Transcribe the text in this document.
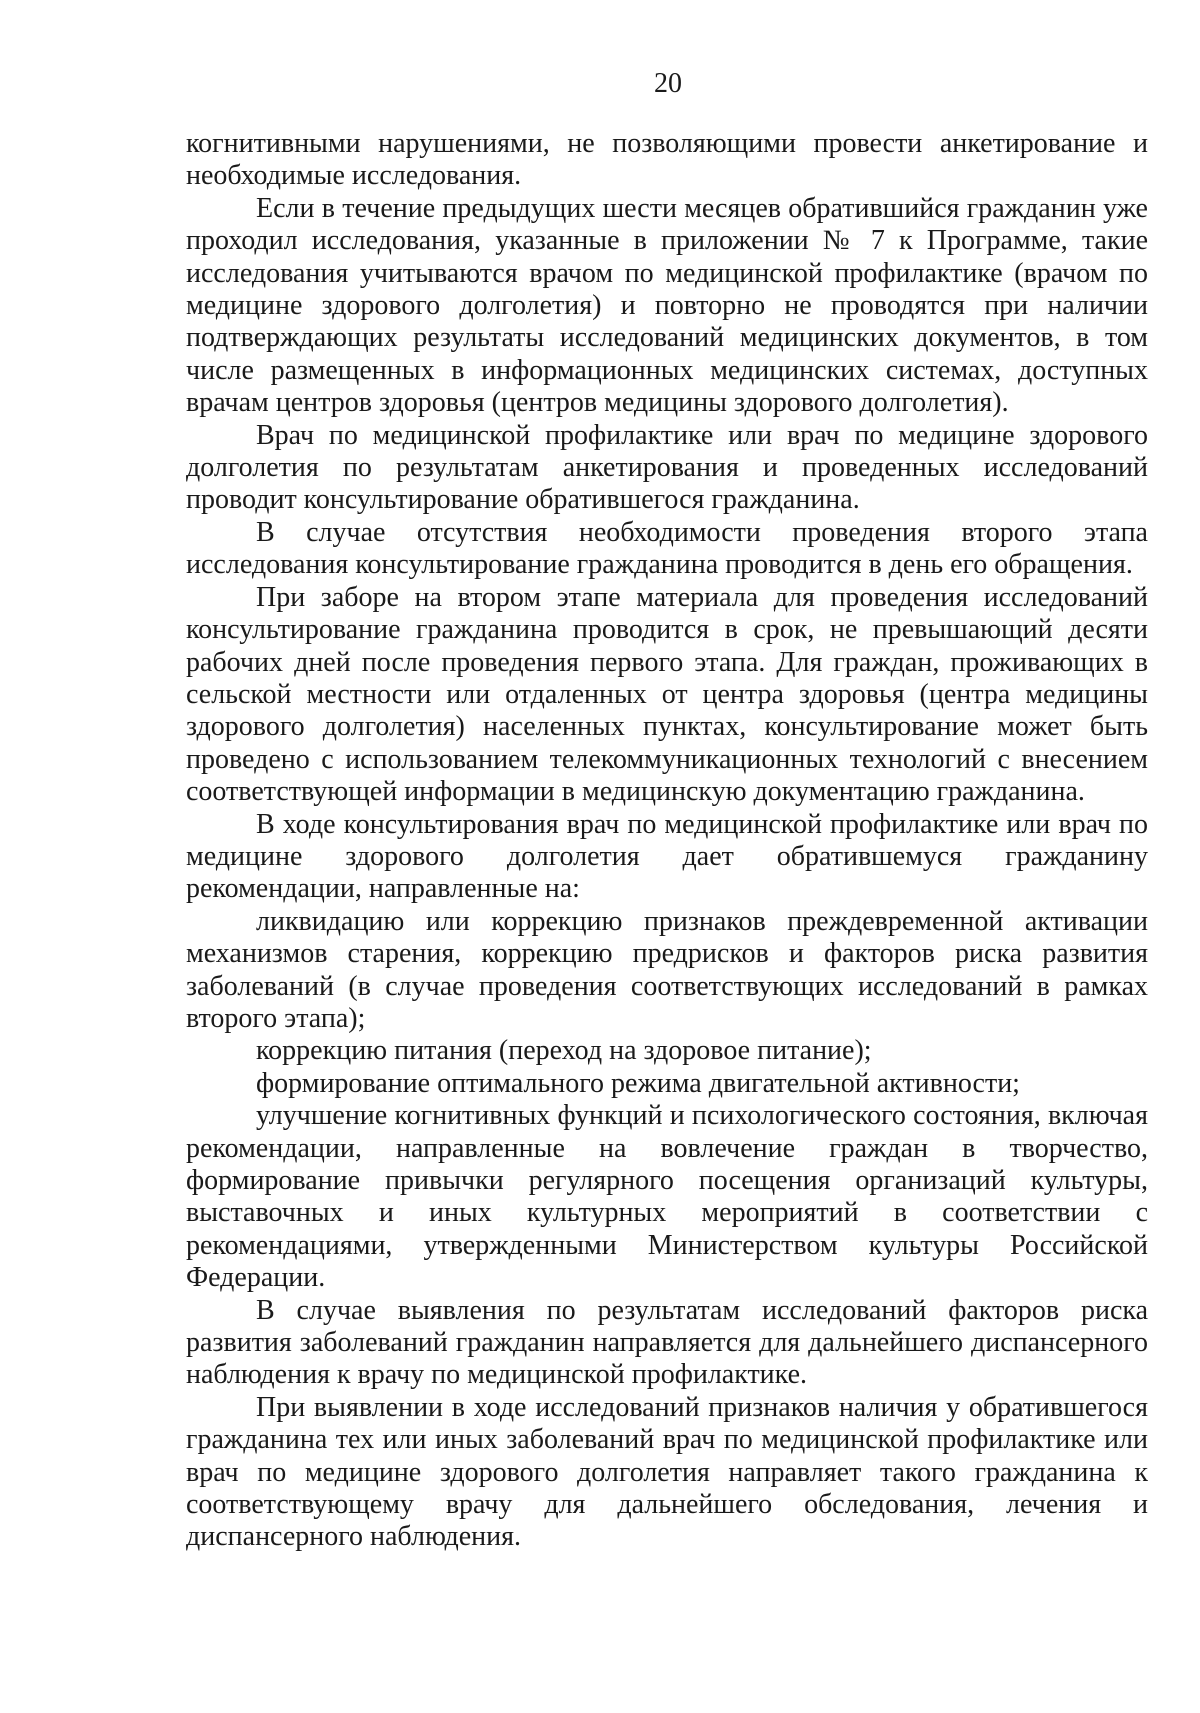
20

когнитивными нарушениями, не позволяющими провести анкетирование и необходимые исследования.

Если в течение предыдущих шести месяцев обратившийся гражданин уже проходил исследования, указанные в приложении № 7 к Программе, такие исследования учитываются врачом по медицинской профилактике (врачом по медицине здорового долголетия) и повторно не проводятся при наличии подтверждающих результаты исследований медицинских документов, в том числе размещенных в информационных медицинских системах, доступных врачам центров здоровья (центров медицины здорового долголетия).

Врач по медицинской профилактике или врач по медицине здорового долголетия по результатам анкетирования и проведенных исследований проводит консультирование обратившегося гражданина.

В случае отсутствия необходимости проведения второго этапа исследования консультирование гражданина проводится в день его обращения.

При заборе на втором этапе материала для проведения исследований консультирование гражданина проводится в срок, не превышающий десяти рабочих дней после проведения первого этапа. Для граждан, проживающих в сельской местности или отдаленных от центра здоровья (центра медицины здорового долголетия) населенных пунктах, консультирование может быть проведено с использованием телекоммуникационных технологий с внесением соответствующей информации в медицинскую документацию гражданина.

В ходе консультирования врач по медицинской профилактике или врач по медицине здорового долголетия дает обратившемуся гражданину рекомендации, направленные на:

ликвидацию или коррекцию признаков преждевременной активации механизмов старения, коррекцию предрисков и факторов риска развития заболеваний (в случае проведения соответствующих исследований в рамках второго этапа);

коррекцию питания (переход на здоровое питание);

формирование оптимального режима двигательной активности;

улучшение когнитивных функций и психологического состояния, включая рекомендации, направленные на вовлечение граждан в творчество, формирование привычки регулярного посещения организаций культуры, выставочных и иных культурных мероприятий в соответствии с рекомендациями, утвержденными Министерством культуры Российской Федерации.

В случае выявления по результатам исследований факторов риска развития заболеваний гражданин направляется для дальнейшего диспансерного наблюдения к врачу по медицинской профилактике.

При выявлении в ходе исследований признаков наличия у обратившегося гражданина тех или иных заболеваний врач по медицинской профилактике или врач по медицине здорового долголетия направляет такого гражданина к соответствующему врачу для дальнейшего обследования, лечения и диспансерного наблюдения.
